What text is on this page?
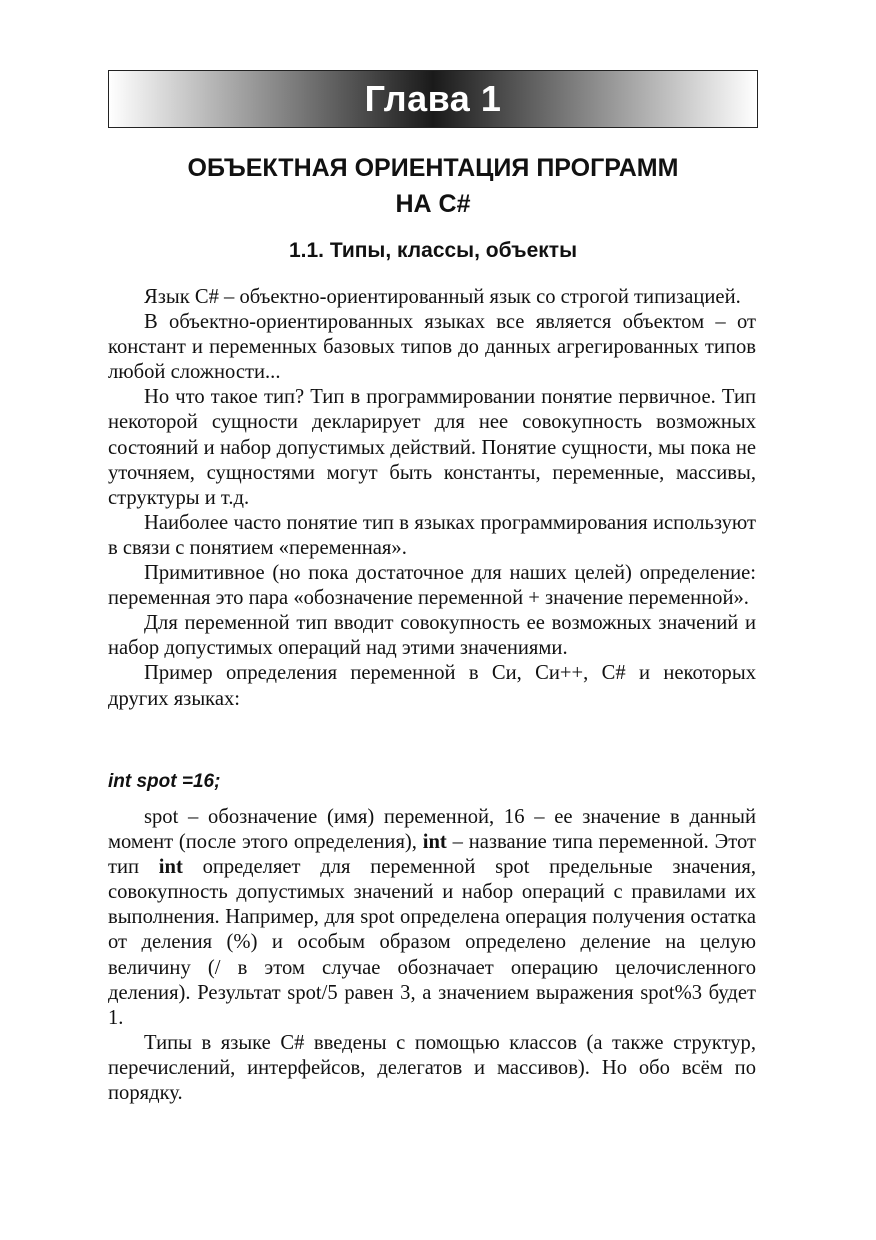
Глава 1
ОБЪЕКТНАЯ ОРИЕНТАЦИЯ ПРОГРАММ
НА C#
1.1. Типы, классы, объекты

Язык С# – объектно-ориентированный язык со строгой типизацией.

В объектно-ориентированных языках все является объектом – от констант и переменных базовых типов до данных агрегированных типов любой сложности...

Но что такое тип? Тип в программировании понятие первичное. Тип некоторой сущности декларирует для нее совокупность возможных состояний и набор допустимых действий. Понятие сущности, мы пока не уточняем, сущностями могут быть константы, переменные, массивы, структуры и т.д.

Наиболее часто понятие тип в языках программирования используют в связи с понятием «переменная».

Примитивное (но пока достаточное для наших целей) определение: переменная это пара «обозначение переменной + значение переменной».

Для переменной тип вводит совокупность ее возможных значений и набор допустимых операций над этими значениями.

Пример определения переменной в Си, Си++, С# и некоторых других языках:

int spot =16;

spot – обозначение (имя) переменной, 16 – ее значение в данный момент (после этого определения), int – название типа переменной. Этот тип int определяет для переменной spot предельные значения, совокупность допустимых значений и набор операций с правилами их выполнения. Например, для spot определена операция получения остатка от деления (%) и особым образом определено деление на целую величину (/ в этом случае обозначает операцию целочисленного деления). Результат spot/5 равен 3, а значением выражения spot%3 будет 1.

Типы в языке С# введены с помощью классов (а также структур, перечислений, интерфейсов, делегатов и массивов). Но обо всём по порядку.
